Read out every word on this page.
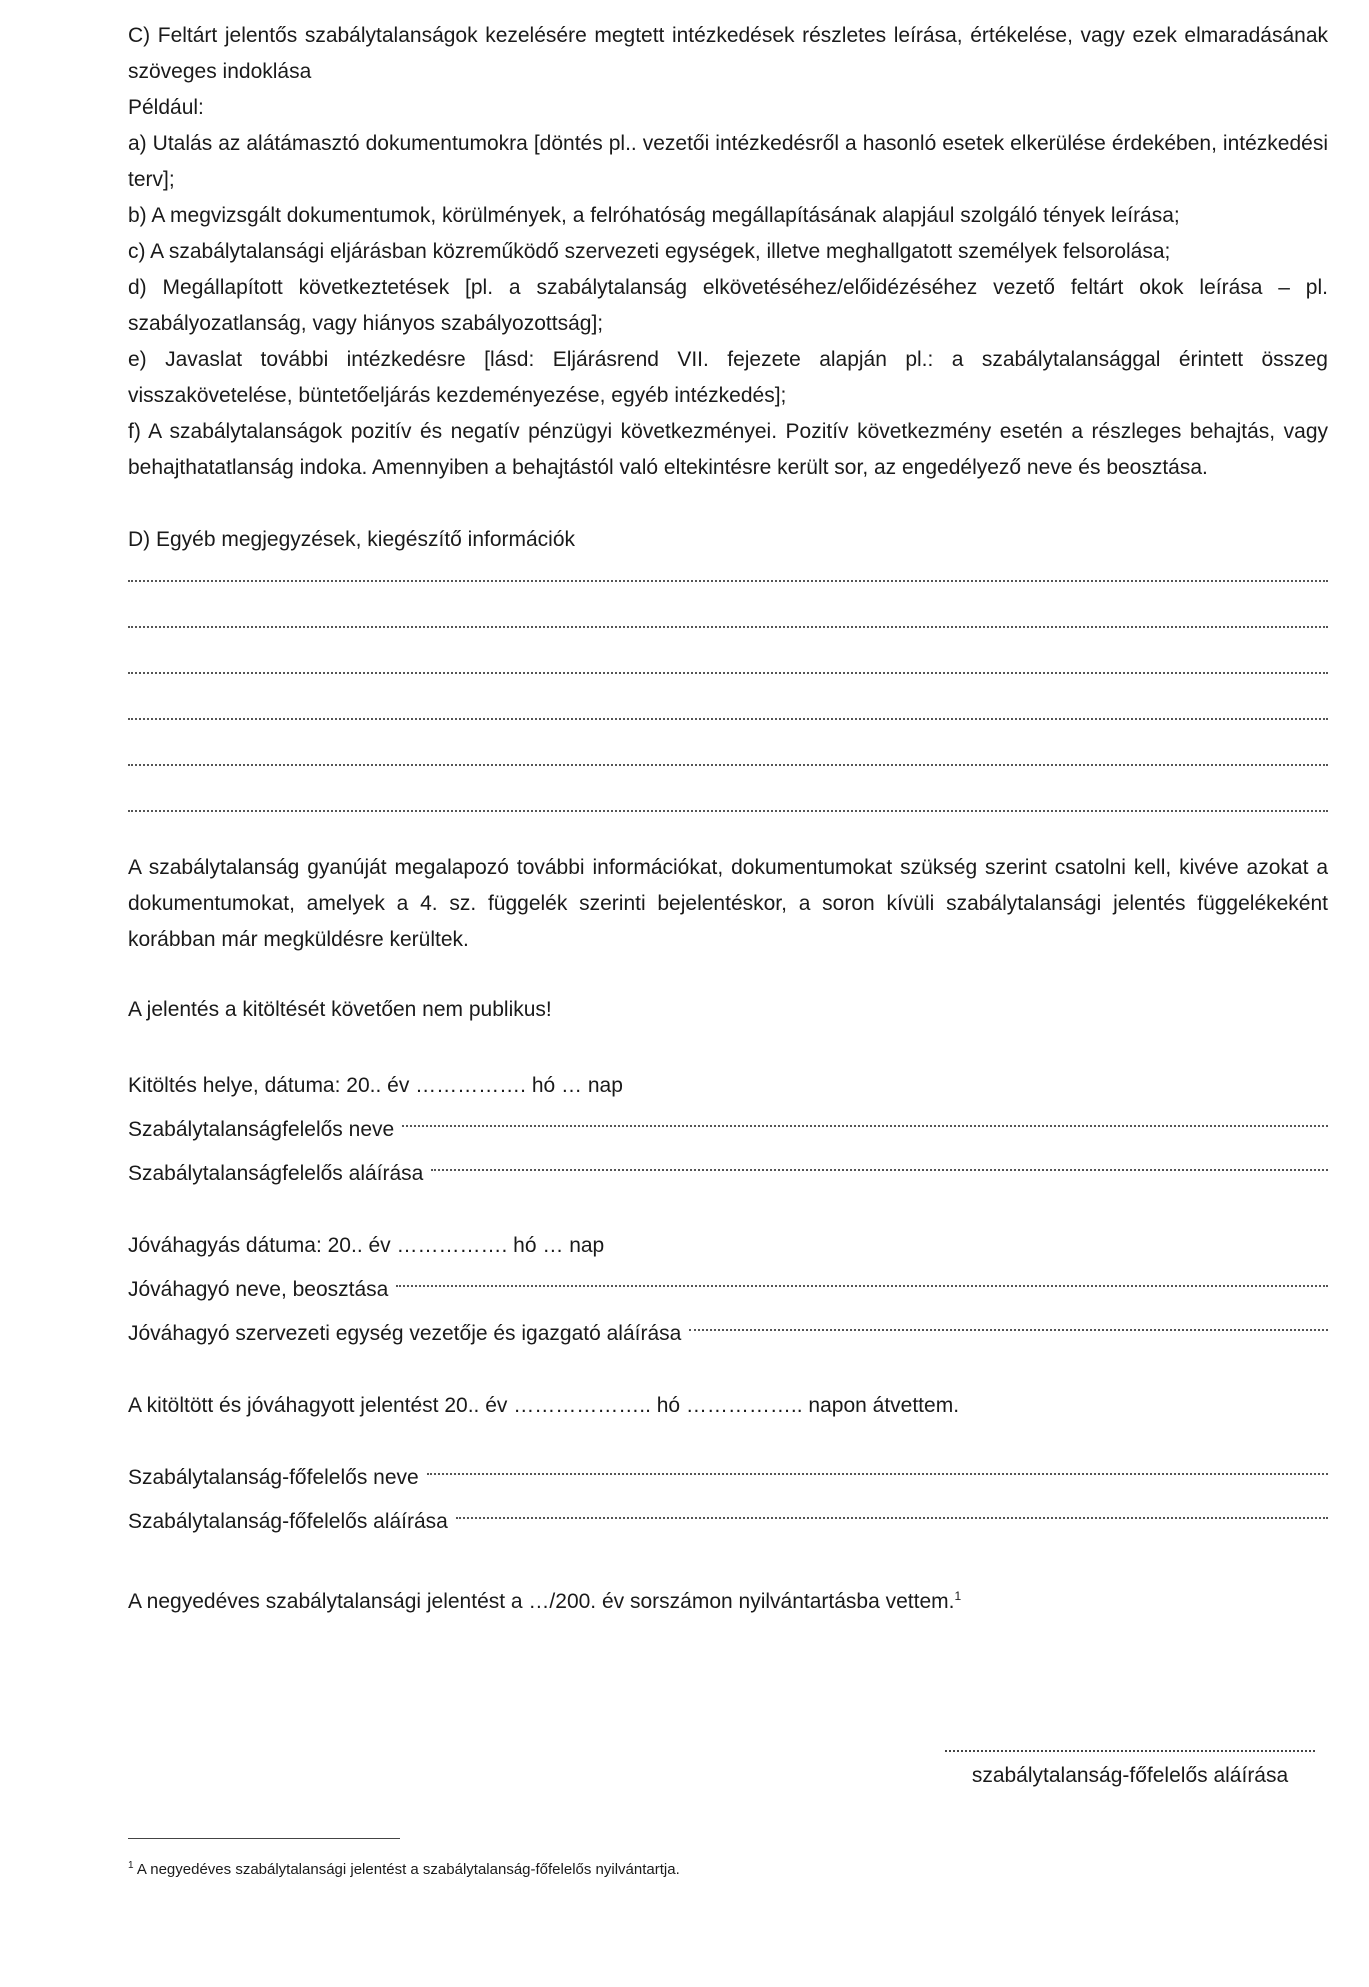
C) Feltárt jelentős szabálytalanságok kezelésére megtett intézkedések részletes leírása, értékelése, vagy ezek elmaradásának szöveges indoklása

Például:

a) Utalás az alátámasztó dokumentumokra [döntés pl.. vezetői intézkedésről a hasonló esetek elkerülése érdekében, intézkedési terv];

b) A megvizsgált dokumentumok, körülmények, a felróhatóság megállapításának alapjául szolgáló tények leírása;

c) A szabálytalansági eljárásban közreműködő szervezeti egységek, illetve meghallgatott személyek felsorolása;

d) Megállapított következtetések [pl. a szabálytalanság elkövetéséhez/előidézéséhez vezető feltárt okok leírása – pl. szabályozatlanság, vagy hiányos szabályozottság];

e) Javaslat további intézkedésre [lásd: Eljárásrend VII. fejezete alapján pl.: a szabálytalansággal érintett összeg visszakövetelése, büntetőeljárás kezdeményezése, egyéb intézkedés];

f) A szabálytalanságok pozitív és negatív pénzügyi következményei. Pozitív következmény esetén a részleges behajtás, vagy behajthatatlanság indoka. Amennyiben a behajtástól való eltekintésre került sor, az engedélyező neve és beosztása.

D) Egyéb megjegyzések, kiegészítő információk

A szabálytalanság gyanúját megalapozó további információkat, dokumentumokat szükség szerint csatolni kell, kivéve azokat a dokumentumokat, amelyek a 4. sz. függelék szerinti bejelentéskor, a soron kívüli szabálytalansági jelentés függelékeként korábban már megküldésre kerültek.

A jelentés a kitöltését követően nem publikus!

Kitöltés helye, dátuma: 20.. év ……………. hó … nap
Szabálytalanságfelelős neve
Szabálytalanságfelelős aláírása
Jóváhagyás dátuma: 20.. év ……………. hó … nap
Jóváhagyó neve, beosztása
Jóváhagyó szervezeti egység vezetője és igazgató aláírása
A kitöltött és jóváhagyott jelentést 20.. év ……………….. hó …………….. napon átvettem.
Szabálytalanság-főfelelős neve
Szabálytalanság-főfelelős aláírása

A negyedéves szabálytalansági jelentést a …/200. év sorszámon nyilvántartásba vettem.$^1$

szabálytalanság-főfelelős aláírása
$^1$ A negyedéves szabálytalansági jelentést a szabálytalanság-főfelelős nyilvántartja.
